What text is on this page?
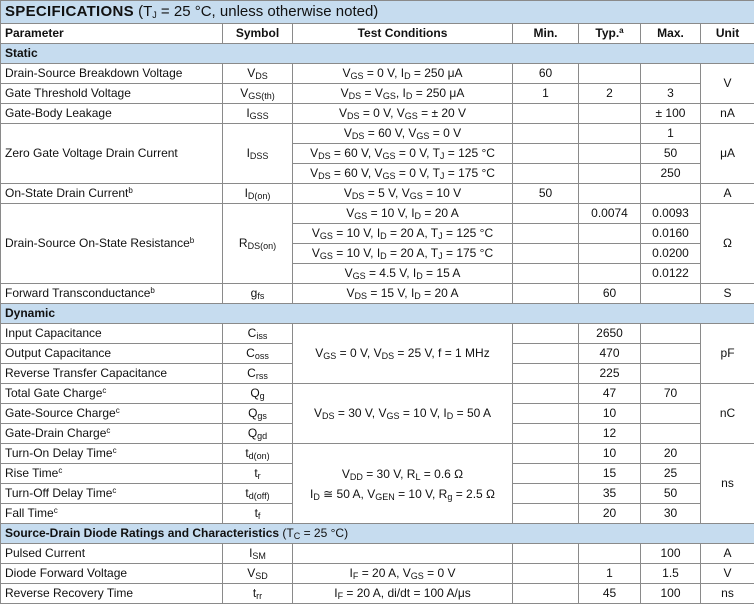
SPECIFICATIONS ($T_J = 25$ °C, unless otherwise noted)						
Parameter	Symbol	Test Conditions	Min.	Typ.$^a$	Max.	Unit
Static						
Drain-Source Breakdown Voltage	$V_{DS}$	$V_{GS} = 0$ V, $I_D = 250$ μA	60			V
Gate Threshold Voltage	$V_{GS(th)}$	$V_{DS} = V_{GS}$, $I_D = 250$ μA	1	2	3	
Gate-Body Leakage	$I_{GSS}$	$V_{DS} = 0$ V, $V_{GS}$ = ± 20 V			± 100	nA
Zero Gate Voltage Drain Current	$I_{DSS}$	$V_{DS} = 60$ V, $V_{GS} = 0$ V			1	μA
		$V_{DS} = 60$ V, $V_{GS} = 0$ V, $T_J = 125$ °C			50	
		$V_{DS} = 60$ V, $V_{GS} = 0$ V, $T_J = 175$ °C			250	
On-State Drain Current$^b$	$I_{D(on)}$	$V_{DS} = 5$ V, $V_{GS} = 10$ V	50			A
Drain-Source On-State Resistance$^b$	$R_{DS(on)}$	$V_{GS} = 10$ V, $I_D = 20$ A		0.0074	0.0093	Ω
		$V_{GS} = 10$ V, $I_D = 20$ A, $T_J = 125$ °C			0.0160	
		$V_{GS} = 10$ V, $I_D = 20$ A, $T_J = 175$ °C			0.0200	
		$V_{GS} = 4.5$ V, $I_D = 15$ A			0.0122	
Forward Transconductance$^b$	$g_{fs}$	$V_{DS} = 15$ V, $I_D = 20$ A		60		S
Dynamic						
Input Capacitance	$C_{iss}$	$V_{GS} = 0$ V, $V_{DS} = 25$ V, f = 1 MHz		2650		pF
Output Capacitance	$C_{oss}$			470		
Reverse Transfer Capacitance	$C_{rss}$			225		
Total Gate Charge$^c$	$Q_g$	$V_{DS} = 30$ V, $V_{GS} = 10$ V, $I_D = 50$ A		47	70	nC
Gate-Source Charge$^c$	$Q_{gs}$			10		
Gate-Drain Charge$^c$	$Q_{gd}$			12		
Turn-On Delay Time$^c$	$t_{d(on)}$	$V_{DD} = 30$ V, $R_L = 0.6$ Ω
$I_D$ ≅ 50 A, $V_{GEN} = 10$ V, $R_g = 2.5$ Ω		10	20	ns
Rise Time$^c$	$t_r$			15	25	
Turn-Off Delay Time$^c$	$t_{d(off)}$			35	50	
Fall Time$^c$	$t_f$			20	30	
Source-Drain Diode Ratings and Characteristics ($T_C = 25$ °C)						
Pulsed Current	$I_{SM}$				100	A
Diode Forward Voltage	$V_{SD}$	$I_F = 20$ A, $V_{GS} = 0$ V		1	1.5	V
Reverse Recovery Time	$t_{rr}$	$I_F = 20$ A, di/dt = 100 A/μs		45	100	ns
